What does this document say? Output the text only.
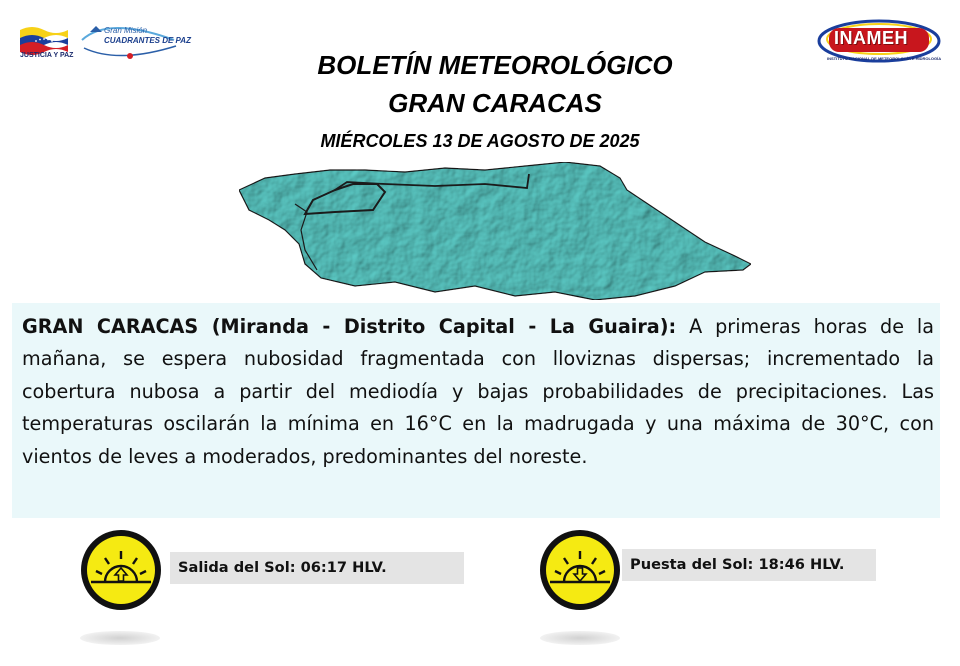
JUSTICIA Y PAZ
Gran Misión
CUADRANTES DE PAZ	INAMEH
INSTITUTO NACIONAL DE METEOROLOGÍA E HIDROLOGÍA
BOLETÍN METEOROLÓGICO
GRAN CARACAS
MIÉRCOLES 13 DE AGOSTO DE 2025

GRAN CARACAS (Miranda - Distrito Capital - La Guaira): A primeras horas de la mañana, se espera nubosidad fragmentada con lloviznas dispersas; incrementado la cobertura nubosa a partir del mediodía y bajas probabilidades de precipitaciones. Las temperaturas oscilarán la mínima en 16°C en la madrugada y una máxima de 30°C, con vientos de leves a moderados, predominantes del noreste.

Salida del Sol: 06:17 HLV.	Puesta del Sol: 18:46 HLV.
